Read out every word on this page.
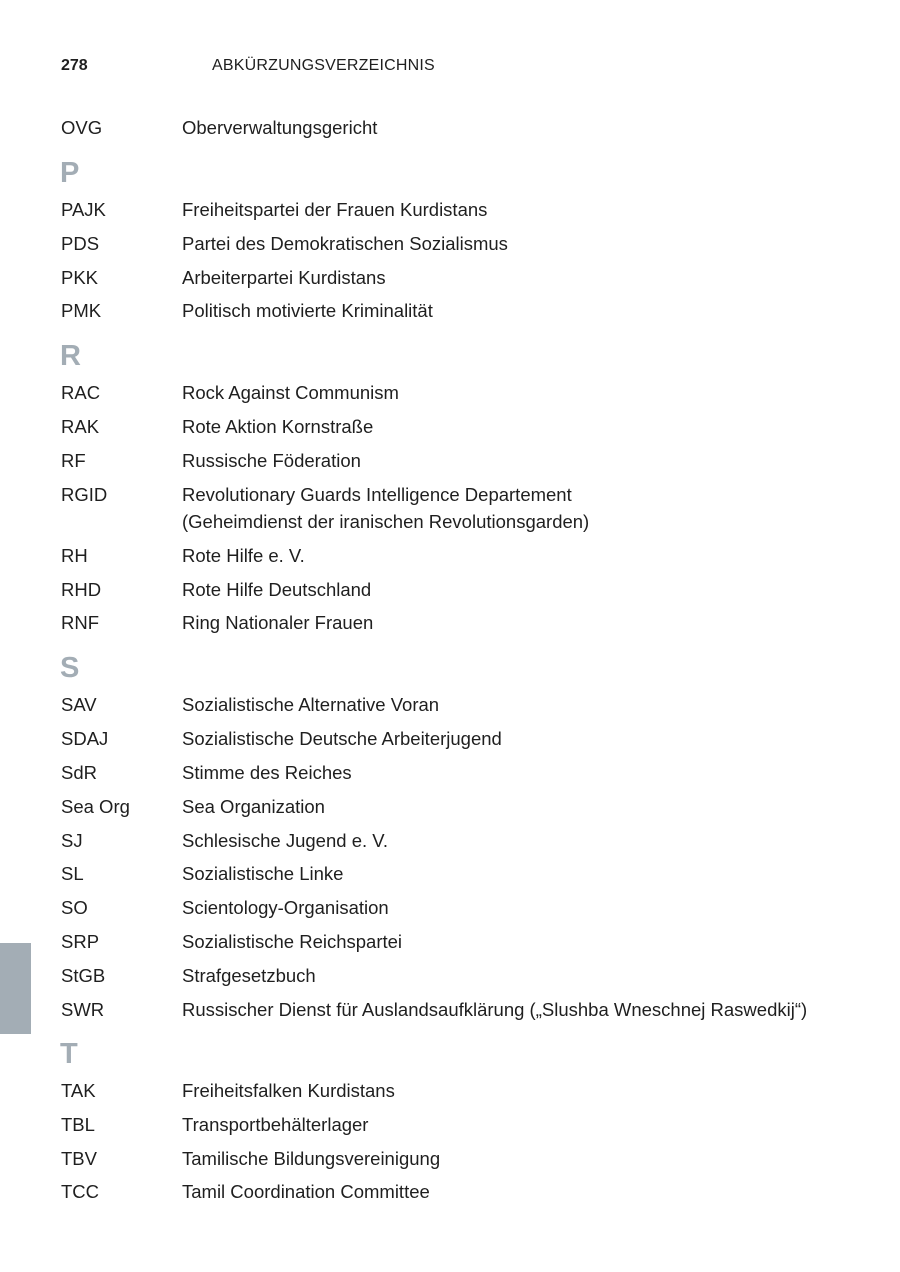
278	ABKÜRZUNGSVERZEICHNIS
OVG	Oberverwaltungsgericht
P
PAJK	Freiheitspartei der Frauen Kurdistans
PDS	Partei des Demokratischen Sozialismus
PKK	Arbeiterpartei Kurdistans
PMK	Politisch motivierte Kriminalität
R
RAC	Rock Against Communism
RAK	Rote Aktion Kornstraße
RF	Russische Föderation
RGID	Revolutionary Guards Intelligence Departement
(Geheimdienst der iranischen Revolutionsgarden)
RH	Rote Hilfe e. V.
RHD	Rote Hilfe Deutschland
RNF	Ring Nationaler Frauen
S
SAV	Sozialistische Alternative Voran
SDAJ	Sozialistische Deutsche Arbeiterjugend
SdR	Stimme des Reiches
Sea Org	Sea Organization
SJ	Schlesische Jugend e. V.
SL	Sozialistische Linke
SO	Scientology-Organisation
SRP	Sozialistische Reichspartei
StGB	Strafgesetzbuch
SWR	Russischer Dienst für Auslandsaufklärung („Slushba Wneschnej Raswedkij“)
T
TAK	Freiheitsfalken Kurdistans
TBL	Transportbehälterlager
TBV	Tamilische Bildungsvereinigung
TCC	Tamil Coordination Committee
